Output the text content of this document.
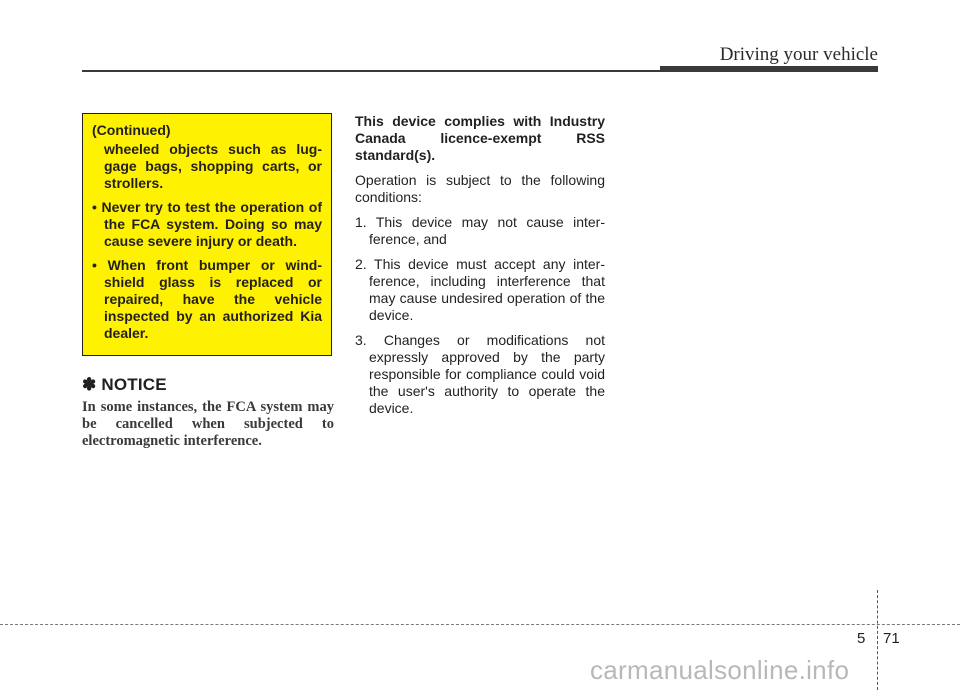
Driving your vehicle

(Continued)

wheeled objects such as lug-gage bags, shopping carts, or strollers.

• Never try to test the operation of the FCA system. Doing so may cause severe injury or death.

• When front bumper or wind-shield glass is replaced or repaired, have the vehicle inspected by an authorized Kia dealer.

✽ NOTICE
In some instances, the FCA system may be cancelled when subjected to electromagnetic interference.

This device complies with Industry Canada licence-exempt RSS standard(s).

Operation is subject to the following conditions:

1. This device may not cause inter-ference, and

2. This device must accept any inter-ference, including interference that may cause undesired operation of the device.

3. Changes or modifications not expressly approved by the party responsible for compliance could void the user's authority to operate the device.

5 71
carmanualsonline.info
